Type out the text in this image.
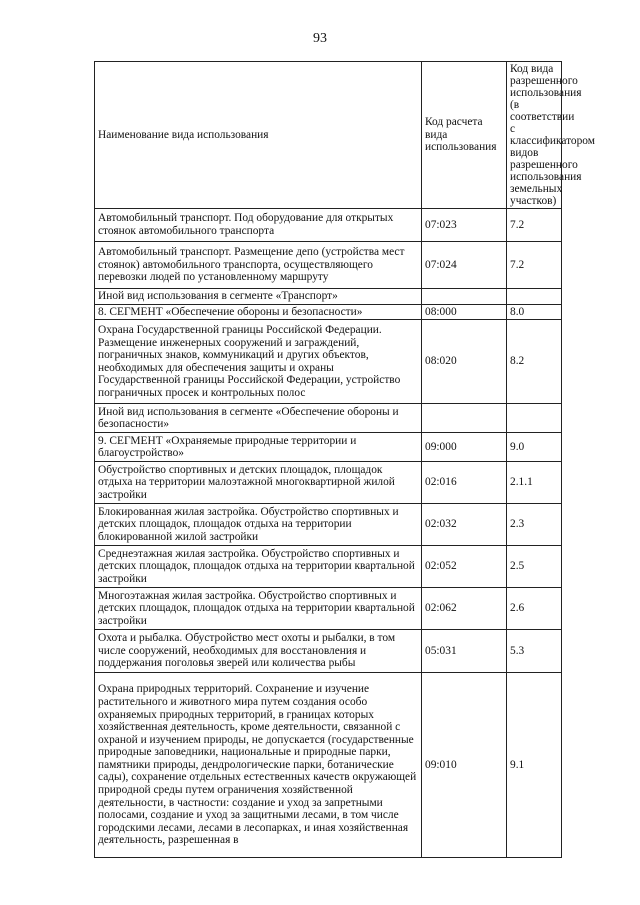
93
Наименование вида использования	Код расчета вида использования	Код вида разрешенного использования (в соответствии с классификатором видов разрешенного использования земельных участков)
Автомобильный транспорт. Под оборудование для открытых стоянок автомобильного транспорта	07:023	7.2
Автомобильный транспорт. Размещение депо (устройства мест стоянок) автомобильного транспорта, осуществляющего перевозки людей по установленному маршруту	07:024	7.2
Иной вид использования в сегменте «Транспорт»		
8. СЕГМЕНТ «Обеспечение обороны и безопасности»	08:000	8.0
Охрана Государственной границы Российской Федерации. Размещение инженерных сооружений и заграждений, пограничных знаков, коммуникаций и других объектов, необходимых для обеспечения защиты и охраны Государственной границы Российской Федерации, устройство пограничных просек и контрольных полос	08:020	8.2
Иной вид использования в сегменте «Обеспечение обороны и безопасности»		
9. СЕГМЕНТ «Охраняемые природные территории и благоустройство»	09:000	9.0
Обустройство спортивных и детских площадок, площадок отдыха на территории малоэтажной многоквартирной жилой застройки	02:016	2.1.1
Блокированная жилая застройка. Обустройство спортивных и детских площадок, площадок отдыха на территории блокированной жилой застройки	02:032	2.3
Среднеэтажная жилая застройка. Обустройство спортивных и детских площадок, площадок отдыха на территории квартальной застройки	02:052	2.5
Многоэтажная жилая застройка. Обустройство спортивных и детских площадок, площадок отдыха на территории квартальной застройки	02:062	2.6
Охота и рыбалка. Обустройство мест охоты и рыбалки, в том числе сооружений, необходимых для восстановления и поддержания поголовья зверей или количества рыбы	05:031	5.3
Охрана природных территорий. Сохранение и изучение растительного и животного мира путем создания особо охраняемых природных территорий, в границах которых хозяйственная деятельность, кроме деятельности, связанной с охраной и изучением природы, не допускается (государственные природные заповедники, национальные и природные парки, памятники природы, дендрологические парки, ботанические сады), сохранение отдельных естественных качеств окружающей природной среды путем ограничения хозяйственной деятельности, в частности: создание и уход за запретными полосами, создание и уход за защитными лесами, в том числе городскими лесами, лесами в лесопарках, и иная хозяйственная деятельность, разрешенная в	09:010	9.1
